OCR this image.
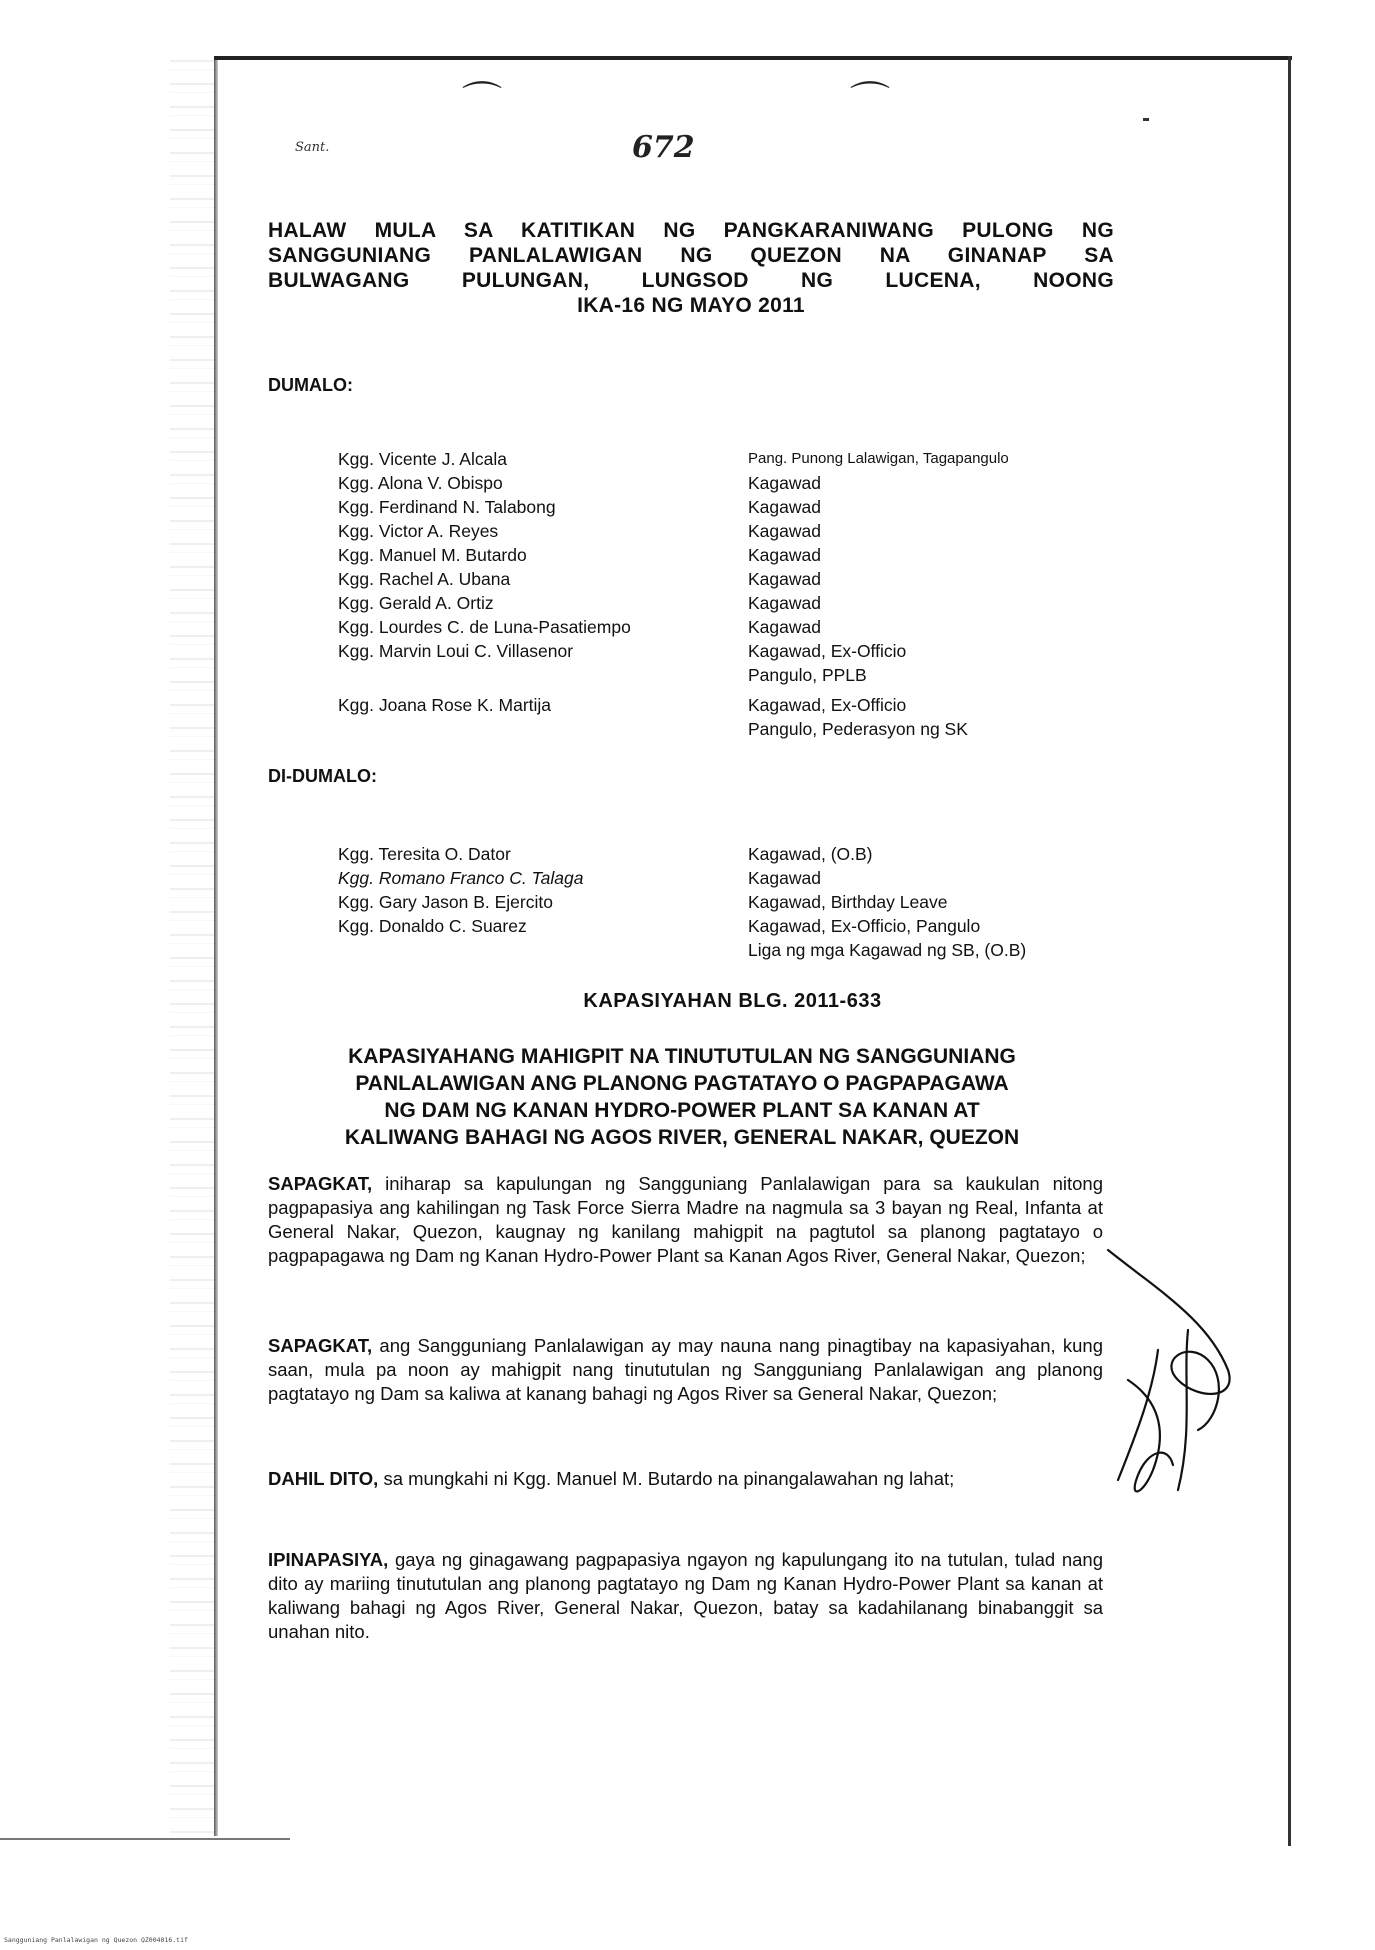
⌒	⌒
Sant.	672
HALAW MULA SA KATITIKAN NG PANGKARANIWANG PULONG NG
SANGGUNIANG PANLALAWIGAN NG QUEZON NA GINANAP SA
BULWAGANG PULUNGAN, LUNGSOD NG LUCENA, NOONG
IKA-16 NG MAYO 2011
DUMALO:
Kgg. Vicente J. Alcala	Pang. Punong Lalawigan, Tagapangulo
Kgg. Alona V. Obispo	Kagawad
Kgg. Ferdinand N. Talabong	Kagawad
Kgg. Victor A. Reyes	Kagawad
Kgg. Manuel M. Butardo	Kagawad
Kgg. Rachel A. Ubana	Kagawad
Kgg. Gerald A. Ortiz	Kagawad
Kgg. Lourdes C. de Luna-Pasatiempo	Kagawad
Kgg. Marvin Loui C. Villasenor	Kagawad, Ex-Officio
Pangulo, PPLB
Kgg. Joana Rose K. Martija	Kagawad, Ex-Officio
Pangulo, Pederasyon ng SK
DI-DUMALO:
Kgg. Teresita O. Dator	Kagawad, (O.B)
Kgg. Romano Franco C. Talaga	Kagawad
Kgg. Gary Jason B. Ejercito	Kagawad, Birthday Leave
Kgg. Donaldo C. Suarez	Kagawad, Ex-Officio, Pangulo
Liga ng mga Kagawad ng SB, (O.B)
KAPASIYAHAN BLG. 2011-633
KAPASIYAHANG MAHIGPIT NA TINUTUTULAN NG SANGGUNIANG
PANLALAWIGAN ANG PLANONG PAGTATAYO O PAGPAPAGAWA
NG DAM NG KANAN HYDRO-POWER PLANT SA KANAN AT
KALIWANG BAHAGI NG AGOS RIVER, GENERAL NAKAR, QUEZON
SAPAGKAT, iniharap sa kapulungan ng Sangguniang Panlalawigan para sa kaukulan nitong pagpapasiya ang kahilingan ng Task Force Sierra Madre na nagmula sa 3 bayan ng Real, Infanta at General Nakar, Quezon, kaugnay ng kanilang mahigpit na pagtutol sa planong pagtatayo o pagpapagawa ng Dam ng Kanan Hydro-Power Plant sa Kanan Agos River, General Nakar, Quezon;
SAPAGKAT, ang Sangguniang Panlalawigan ay may nauna nang pinagtibay na kapasiyahan, kung saan, mula pa noon ay mahigpit nang tinututulan ng Sangguniang Panlalawigan ang planong pagtatayo ng Dam sa kaliwa at kanang bahagi ng Agos River sa General Nakar, Quezon;
DAHIL DITO, sa mungkahi ni Kgg. Manuel M. Butardo na pinangalawahan ng lahat;
IPINAPASIYA, gaya ng ginagawang pagpapasiya ngayon ng kapulungang ito na tutulan, tulad nang dito ay mariing tinututulan ang planong pagtatayo ng Dam ng Kanan Hydro-Power Plant sa kanan at kaliwang bahagi ng Agos River, General Nakar, Quezon, batay sa kadahilanang binabanggit sa unahan nito.
Sangguniang Panlalawigan ng Quezon QZ004016.tif
